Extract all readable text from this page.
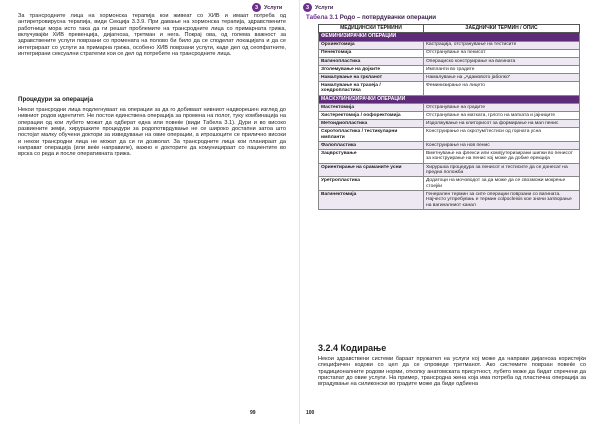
3	Услуги
За трансродните лица на хормонска терапија кои живеат со ХИВ и имаат потреба од антиретровирусна терапија, види Секција 3.3.9. При давање на хормонска терапија, здравствените работници мора исто така да ги решат проблемите на трансродните лица со примарната грижа, вклучувајќи ХИВ превенција, дијагноза, третман и нега. Покрај ова, од голема важност за здравствените услуги поврзани со промената на полово би било да се споделат локацијата и да се интегрираат со услуги за примарна грижа, особено ХИВ поврзани услуги, каде дел од сеопфатните, интегрирани сексуални стратегии кои се дел од потребите на трансродните лица.
Процедури за операција
Некои трансродни лица подлегнуваат на операции за да го добиваат нивниот надворешен изглед до нивниот родов идентитет. Не постои единствена операција за промена на полот, туку комбинација на операции од кои лубето можат да одберат една или повеќе (види Табела 3.1). Дури и во високо развиените земји, хируршките процедури за родопотврдување не се широко достапни затоа што постојат малку обучени доктори за изведување на овие операции, а итрошоците се прилично високи и некои трансродни лица не можат да си ги дозволат. За трансродните лица кои планираат да направат операција (или веќе направиле), важно е докторите да комуницираат со пациентите во врска со реда и после оперативната грижа.
99
3	Услуги
Табела 3.1 Родо – потврдувачки операции
МЕДИЦИНСКИ ТЕРМИНИ	ЗАЕДНИЧКИ ТЕРМИН / ОПИС
ФЕМИНИЗИРАЧКИ ОПЕРАЦИИ	
Орхиектомија	Кастрација, отстранување на тестисите
Пенектомија	Отстранување на пенисот
Вагинопластика	Операциско конструирање на вагината
Зголемување на дојките	Импланти во градите
Намалување на гркланот	Намалување на „Адамовото јаболко“
Намалување на трахеја / хондропластика	Феминизирање на лицето
МАСКУЛИНИЗИРАЧКИ ОПЕРАЦИИ	
Мастектомија	Отстранување на градите
Хистеректомија / оофоректомија	Отстранување на матката, грлото на матката и јајниците
Метоидиопластика	Издолжување на клиторисот за формирање на мал пенис
Скротопластика / тестикуларни импланти	Конструирање на скротум/тестиси од горната усна
Фалопластика	Конструирање на нов пенис
Зацврстување	Вметнување на флекси или компјутеризирани шипки во пенисот за конструирање на пенис кој може да добие ерекција
Ориентирање на сраманите усни	Хируршка процедура за пенисот и тестисите да се донесат на предна положба
Уретропластика	Додатоци на мочоводот за да може да се свозможи мокрење стоејќи
Вагинектомија	Генерален термин за сите операции поврзани со вагината. Најчесто утпребувањ е термин colpocleisis кое значи затворање на вагиналниот канал
3.2.4 Кодирање
Некои здравствени системи бараат пружател на услуги кој може да направи дијагноза користејќи специфичен кодови со цел да се спроведе третманот. Ако системите поврзан повеќе со традиционалните родови норми, отколку анатомската присутност, лубето може да бидат спречени да пристапат до овие услуги. На пример, трансродна жена која има потреба од пластична операција за вградување на силиконски во градите може да биде одбиена
100
